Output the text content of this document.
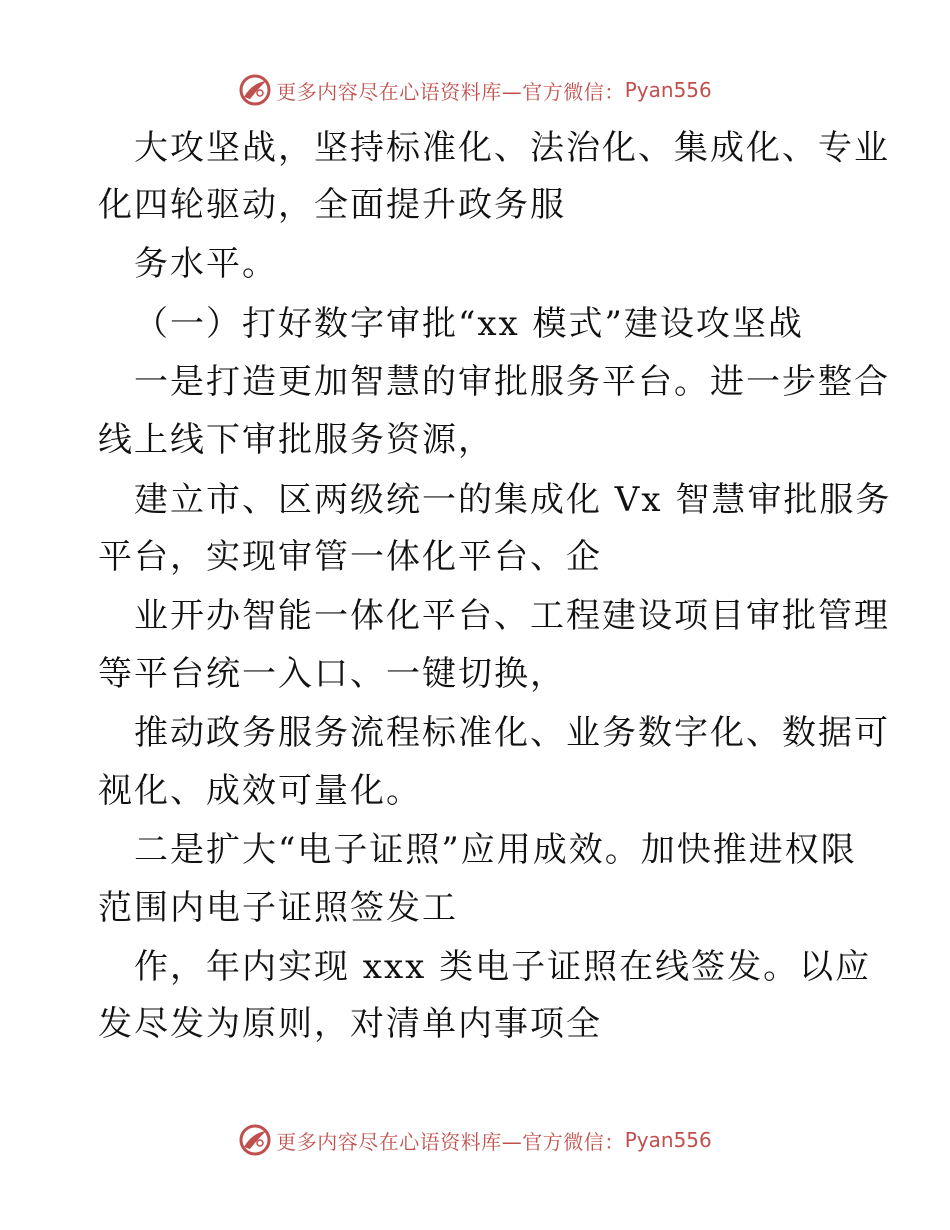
更多内容尽在心语资料库—官方微信： Pyan556
大攻坚战，坚持标准化、法治化、集成化、专业
化四轮驱动，全面提升政务服
务水平。
（一）打好数字审批“xx 模式”建设攻坚战
一是打造更加智慧的审批服务平台。进一步整合
线上线下审批服务资源，
建立市、区两级统一的集成化 Vx 智慧审批服务
平台，实现审管一体化平台、企
业开办智能一体化平台、工程建设项目审批管理
等平台统一入口、一键切换，
推动政务服务流程标准化、业务数字化、数据可
视化、成效可量化。
二是扩大“电子证照”应用成效。加快推进权限
范围内电子证照签发工
作，年内实现 xxx 类电子证照在线签发。以应
发尽发为原则，对清单内事项全
更多内容尽在心语资料库—官方微信： Pyan556
